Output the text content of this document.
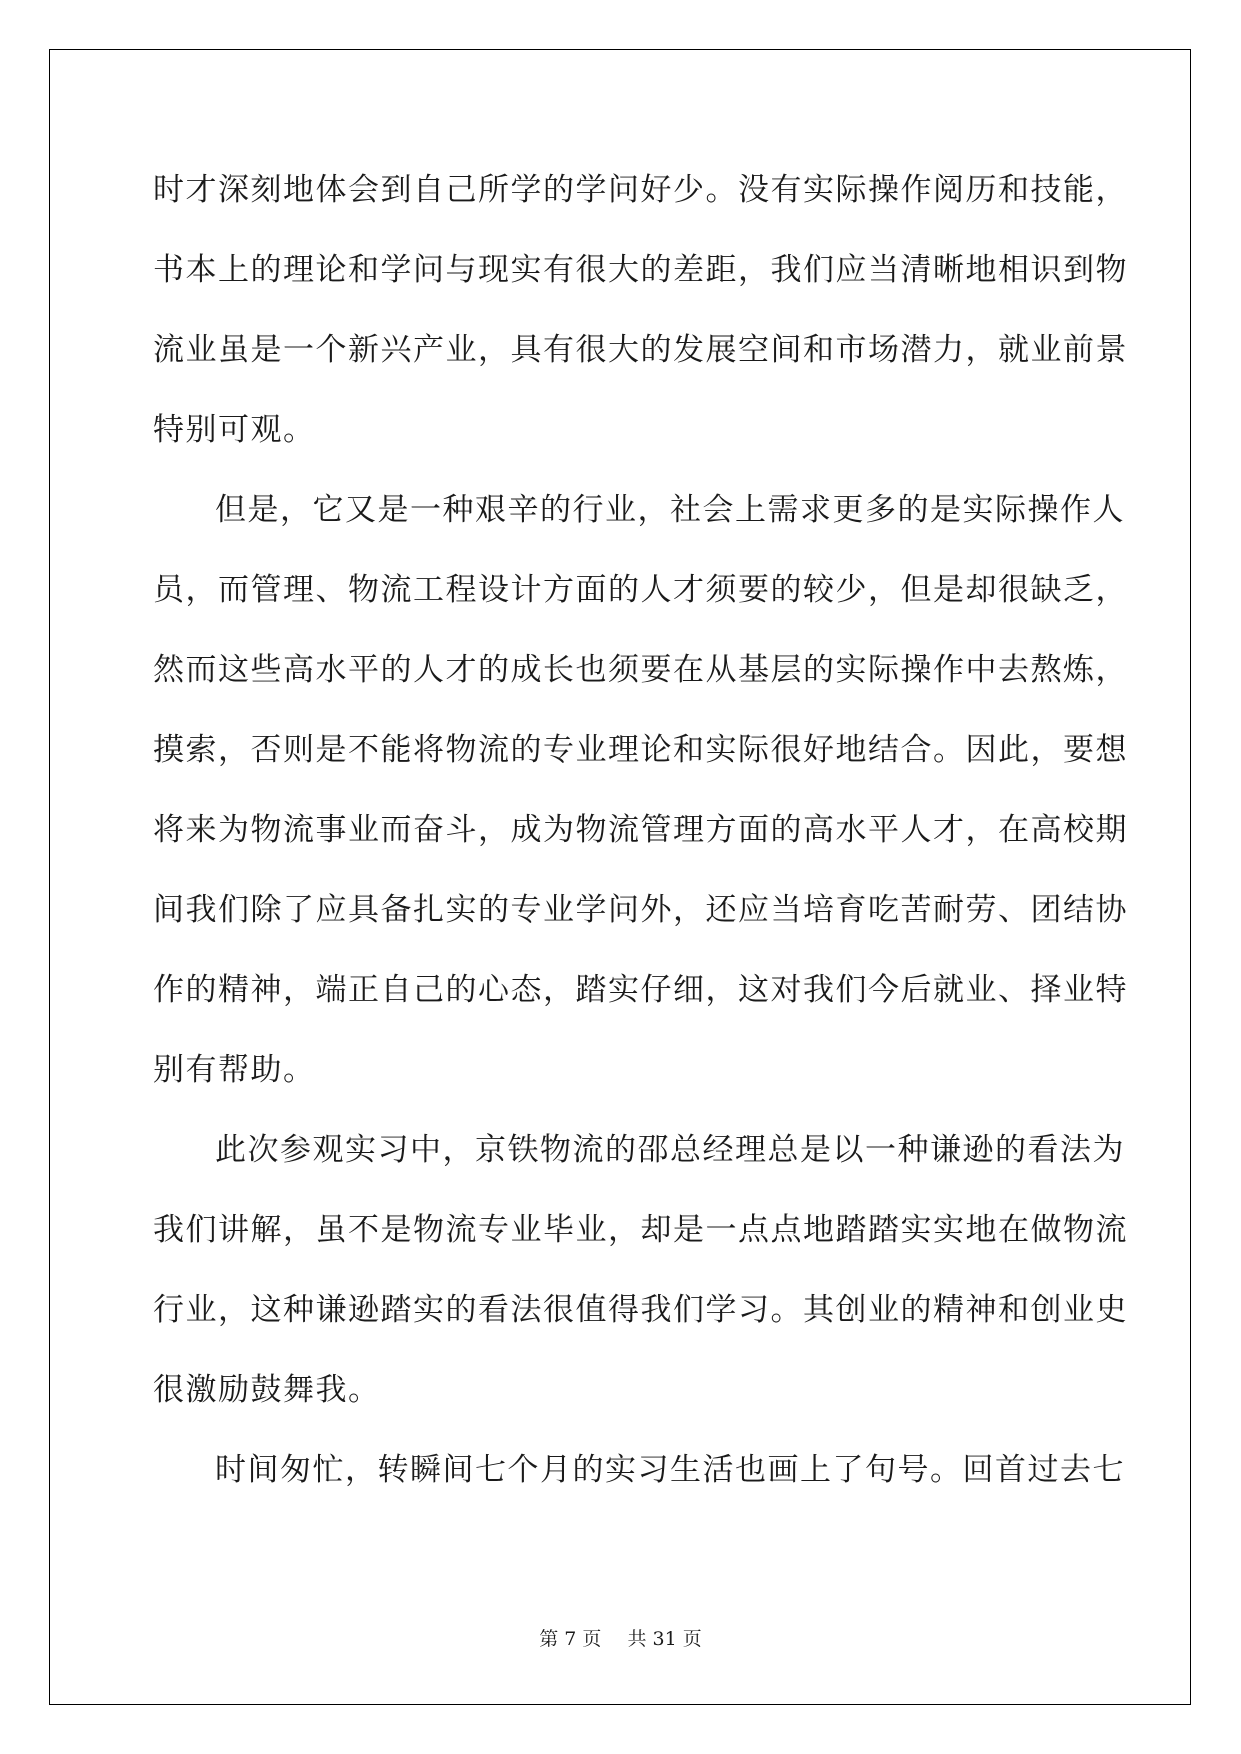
时才深刻地体会到自己所学的学问好少。没有实际操作阅历和技能，
书本上的理论和学问与现实有很大的差距，我们应当清晰地相识到物
流业虽是一个新兴产业，具有很大的发展空间和市场潜力，就业前景
特别可观。
但是，它又是一种艰辛的行业，社会上需求更多的是实际操作人
员，而管理、物流工程设计方面的人才须要的较少，但是却很缺乏，
然而这些高水平的人才的成长也须要在从基层的实际操作中去熬炼，
摸索，否则是不能将物流的专业理论和实际很好地结合。因此，要想
将来为物流事业而奋斗，成为物流管理方面的高水平人才，在高校期
间我们除了应具备扎实的专业学问外，还应当培育吃苦耐劳、团结协
作的精神，端正自己的心态，踏实仔细，这对我们今后就业、择业特
别有帮助。
此次参观实习中，京铁物流的邵总经理总是以一种谦逊的看法为
我们讲解，虽不是物流专业毕业，却是一点点地踏踏实实地在做物流
行业，这种谦逊踏实的看法很值得我们学习。其创业的精神和创业史
很激励鼓舞我。
时间匆忙，转瞬间七个月的实习生活也画上了句号。回首过去七
第 7 页 共 31 页
